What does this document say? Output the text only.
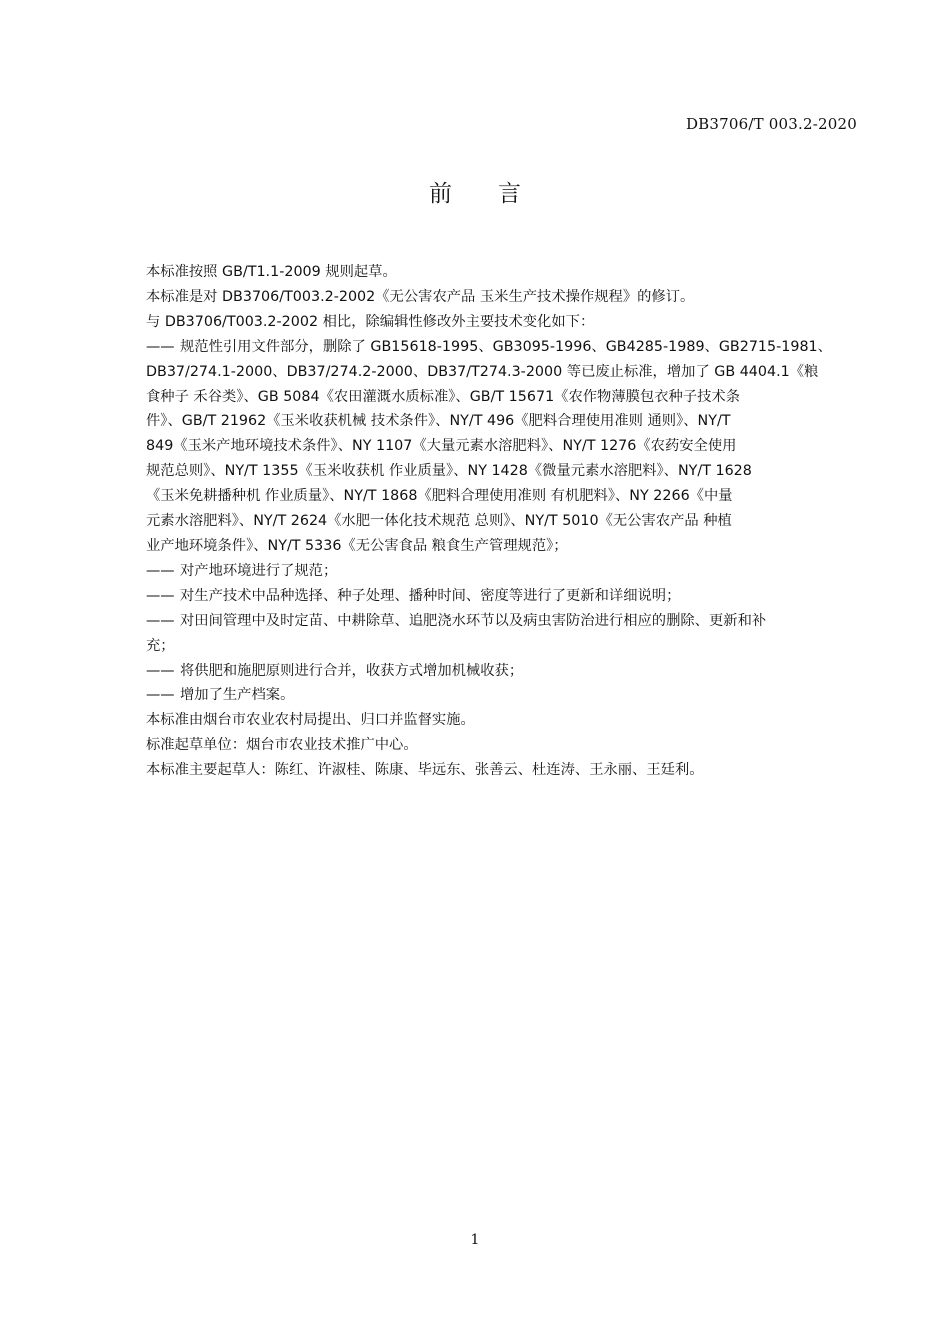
DB3706/T 003.2-2020
前言

本标准按照 GB/T1.1-2009 规则起草。

本标准是对 DB3706/T003.2-2002《无公害农产品 玉米生产技术操作规程》的修订。

与 DB3706/T003.2-2002 相比，除编辑性修改外主要技术变化如下：

—— 规范性引用文件部分，删除了 GB15618-1995、GB3095-1996、GB4285-1989、GB2715-1981、
DB37/274.1-2000、DB37/274.2-2000、DB37/T274.3-2000 等已废止标准，增加了 GB 4404.1《粮
食种子 禾谷类》、GB 5084《农田灌溉水质标准》、GB/T 15671《农作物薄膜包衣种子技术条
件》、GB/T 21962《玉米收获机械 技术条件》、NY/T 496《肥料合理使用准则 通则》、NY/T
849《玉米产地环境技术条件》、NY 1107《大量元素水溶肥料》、NY/T 1276《农药安全使用
规范总则》、NY/T 1355《玉米收获机 作业质量》、NY 1428《微量元素水溶肥料》、NY/T 1628
《玉米免耕播种机 作业质量》、NY/T 1868《肥料合理使用准则 有机肥料》、NY 2266《中量
元素水溶肥料》、NY/T 2624《水肥一体化技术规范 总则》、NY/T 5010《无公害农产品 种植
业产地环境条件》、NY/T 5336《无公害食品 粮食生产管理规范》；
—— 对产地环境进行了规范；
—— 对生产技术中品种选择、种子处理、播种时间、密度等进行了更新和详细说明；
—— 对田间管理中及时定苗、中耕除草、追肥浇水环节以及病虫害防治进行相应的删除、更新和补
充；
—— 将供肥和施肥原则进行合并，收获方式增加机械收获；
—— 增加了生产档案。

本标准由烟台市农业农村局提出、归口并监督实施。

标准起草单位：烟台市农业技术推广中心。

本标准主要起草人：陈红、许淑桂、陈康、毕远东、张善云、杜连涛、王永丽、王廷利。

1
